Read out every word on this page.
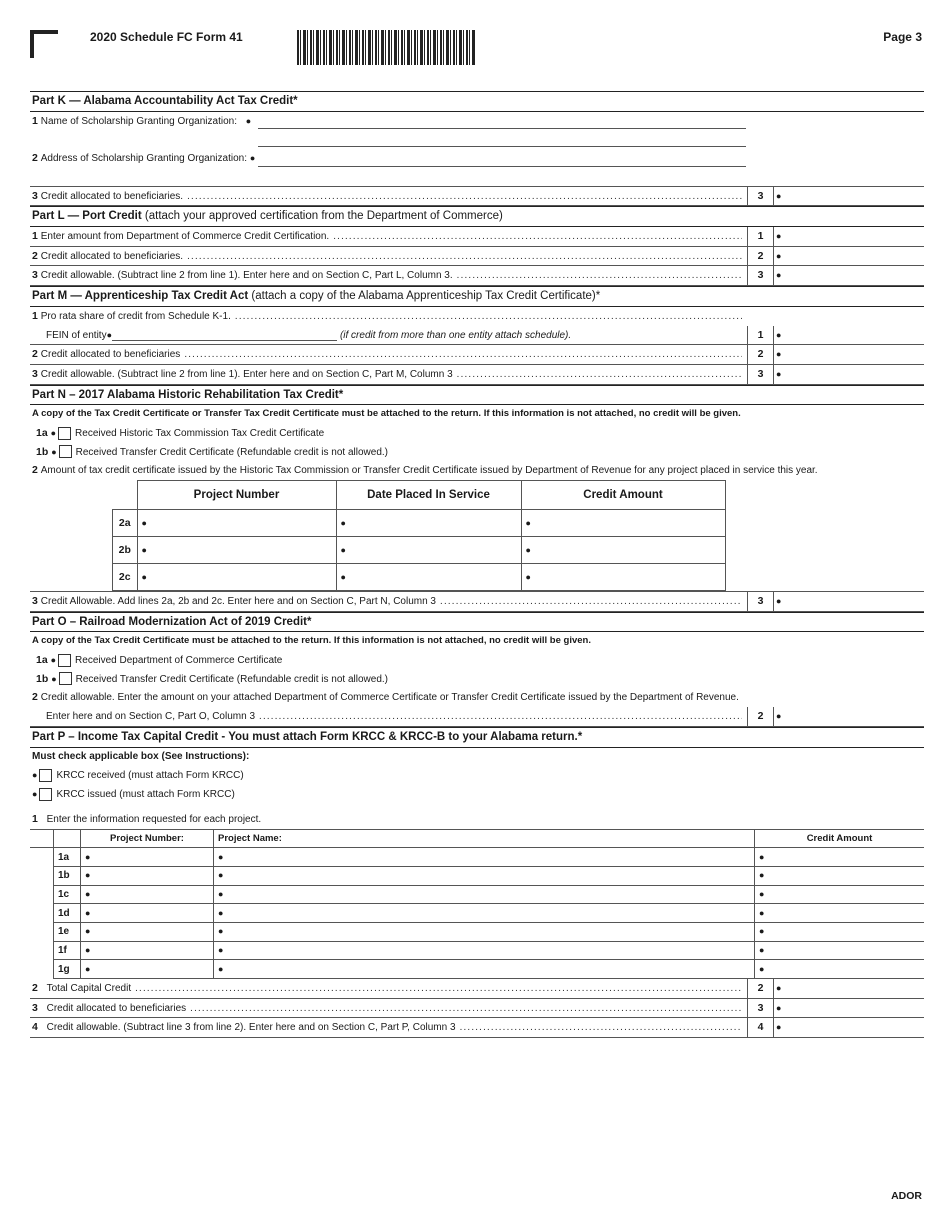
2020 Schedule FC Form 41	Page 3
Part K — Alabama Accountability Act Tax Credit*
1 Name of Scholarship Granting Organization:   ●
2 Address of Scholarship Granting Organization: ●
3 Credit allocated to beneficiaries. .....	3
●
Part L — Port Credit (attach your approved certification from the Department of Commerce)
1 Enter amount from Department of Commerce Credit Certification. .....	1
●
2 Credit allocated to beneficiaries. .....	2
●
3 Credit allowable. (Subtract line 2 from line 1). Enter here and on Section C, Part L, Column 3. .....	3
●
Part M — Apprenticeship Tax Credit Act (attach a copy of the Alabama Apprenticeship Tax Credit Certificate)*
1 Pro rata share of credit from Schedule K-1. .....
FEIN of entity ●	(if credit from more than one entity attach schedule).	1
●
2 Credit allocated to beneficiaries .....	2
●
3 Credit allowable. (Subtract line 2 from line 1). Enter here and on Section C, Part M, Column 3 .....	3
●
Part N – 2017 Alabama Historic Rehabilitation Tax Credit*
A copy of the Tax Credit Certificate or Transfer Tax Credit Certificate must be attached to the return. If this information is not attached, no credit will be given.
1a ●	Received Historic Tax Commission Tax Credit Certificate
1b ●	Received Transfer Credit Certificate (Refundable credit is not allowed.)
2 Amount of tax credit certificate issued by the Historic Tax Commission or Transfer Credit Certificate issued by Department of Revenue for any project placed in service this year.
	Project Number	Date Placed In Service	Credit Amount
2a	●	●	●
2b	●	●	●
2c	●	●	●
3 Credit Allowable. Add lines 2a, 2b and 2c. Enter here and on Section C, Part N, Column 3 .....	3
●
Part O – Railroad Modernization Act of 2019 Credit*
A copy of the Tax Credit Certificate must be attached to the return. If this information is not attached, no credit will be given.
1a ●	Received Department of Commerce Certificate
1b ●	Received Transfer Credit Certificate (Refundable credit is not allowed.)
2 Credit allowable. Enter the amount on your attached Department of Commerce Certificate or Transfer Credit Certificate issued by the Department of Revenue.
Enter here and on Section C, Part O, Column 3 .....	2
●
Part P – Income Tax Capital Credit - You must attach Form KRCC & KRCC-B to your Alabama return.*
Must check applicable box (See Instructions):
● KRCC received (must attach Form KRCC)
● KRCC issued (must attach Form KRCC)
1 Enter the information requested for each project.
		Project Number:	Project Name:	Credit Amount
	1a	●	●	●
	1b	●	●	●
	1c	●	●	●
	1d	●	●	●
	1e	●	●	●
	1f	●	●	●
	1g	●	●	●
2 Total Capital Credit .....	2
●
3 Credit allocated to beneficiaries .....	3
●
4 Credit allowable. (Subtract line 3 from line 2). Enter here and on Section C, Part P, Column 3 .....	4
●
ADOR
